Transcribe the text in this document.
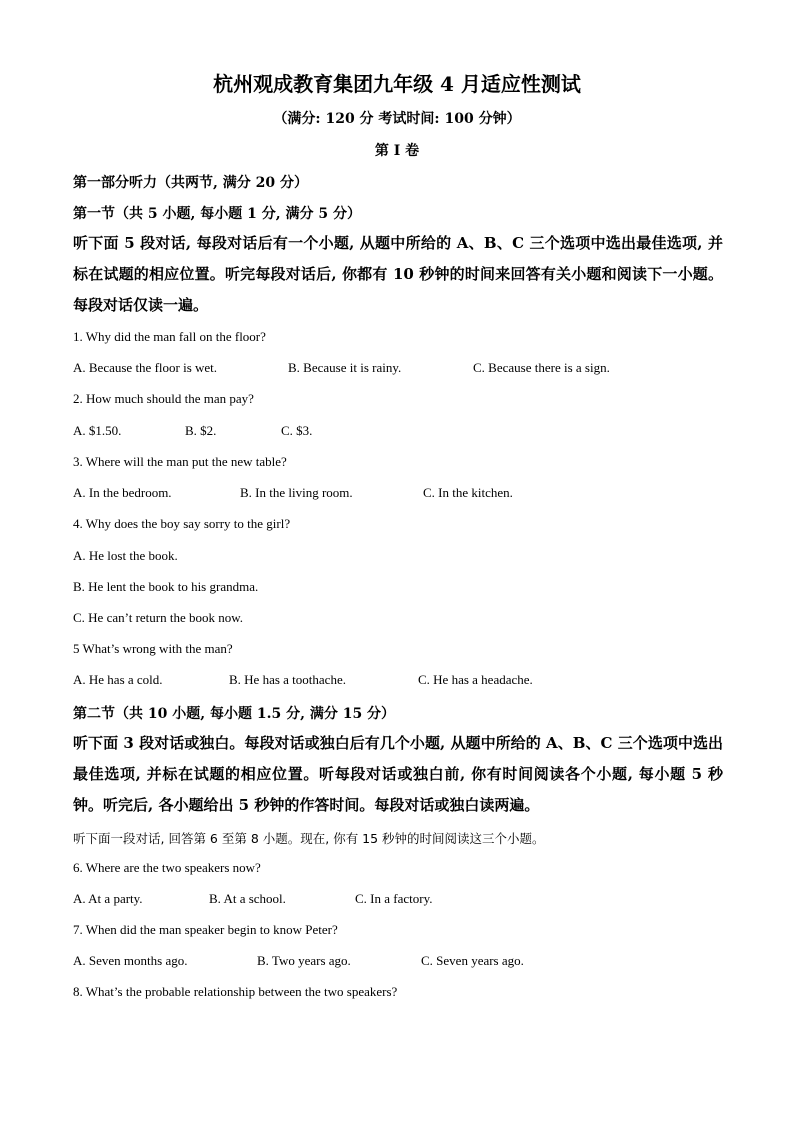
杭州观成教育集团九年级 4 月适应性测试
（满分: 120 分 考试时间: 100 分钟）
第 I 卷
第一部分听力（共两节, 满分 20 分）
第一节（共 5 小题, 每小题 1 分, 满分 5 分）
听下面 5 段对话, 每段对话后有一个小题, 从题中所给的 A、B、C 三个选项中选出最佳选项, 并标在试题的相应位置。听完每段对话后, 你都有 10 秒钟的时间来回答有关小题和阅读下一小题。每段对话仅读一遍。
1. Why did the man fall on the floor?
A. Because the floor is wet.	B. Because it is rainy.	C. Because there is a sign.
2. How much should the man pay?
A. $1.50.	B. $2.	C. $3.
3. Where will the man put the new table?
A. In the bedroom.	B. In the living room.	C. In the kitchen.
4. Why does the boy say sorry to the girl?
A. He lost the book.
B. He lent the book to his grandma.
C. He can’t return the book now.
5 What’s wrong with the man?
A. He has a cold.	B. He has a toothache.	C. He has a headache.
第二节（共 10 小题, 每小题 1.5 分, 满分 15 分）
听下面 3 段对话或独白。每段对话或独白后有几个小题, 从题中所给的 A、B、C 三个选项中选出最佳选项, 并标在试题的相应位置。听每段对话或独白前, 你有时间阅读各个小题, 每小题 5 秒钟。听完后, 各小题给出 5 秒钟的作答时间。每段对话或独白读两遍。
听下面一段对话, 回答第 6 至第 8 小题。现在, 你有 15 秒钟的时间阅读这三个小题。
6. Where are the two speakers now?
A. At a party.	B. At a school.	C. In a factory.
7. When did the man speaker begin to know Peter?
A. Seven months ago.	B. Two years ago.	C. Seven years ago.
8. What’s the probable relationship between the two speakers?
